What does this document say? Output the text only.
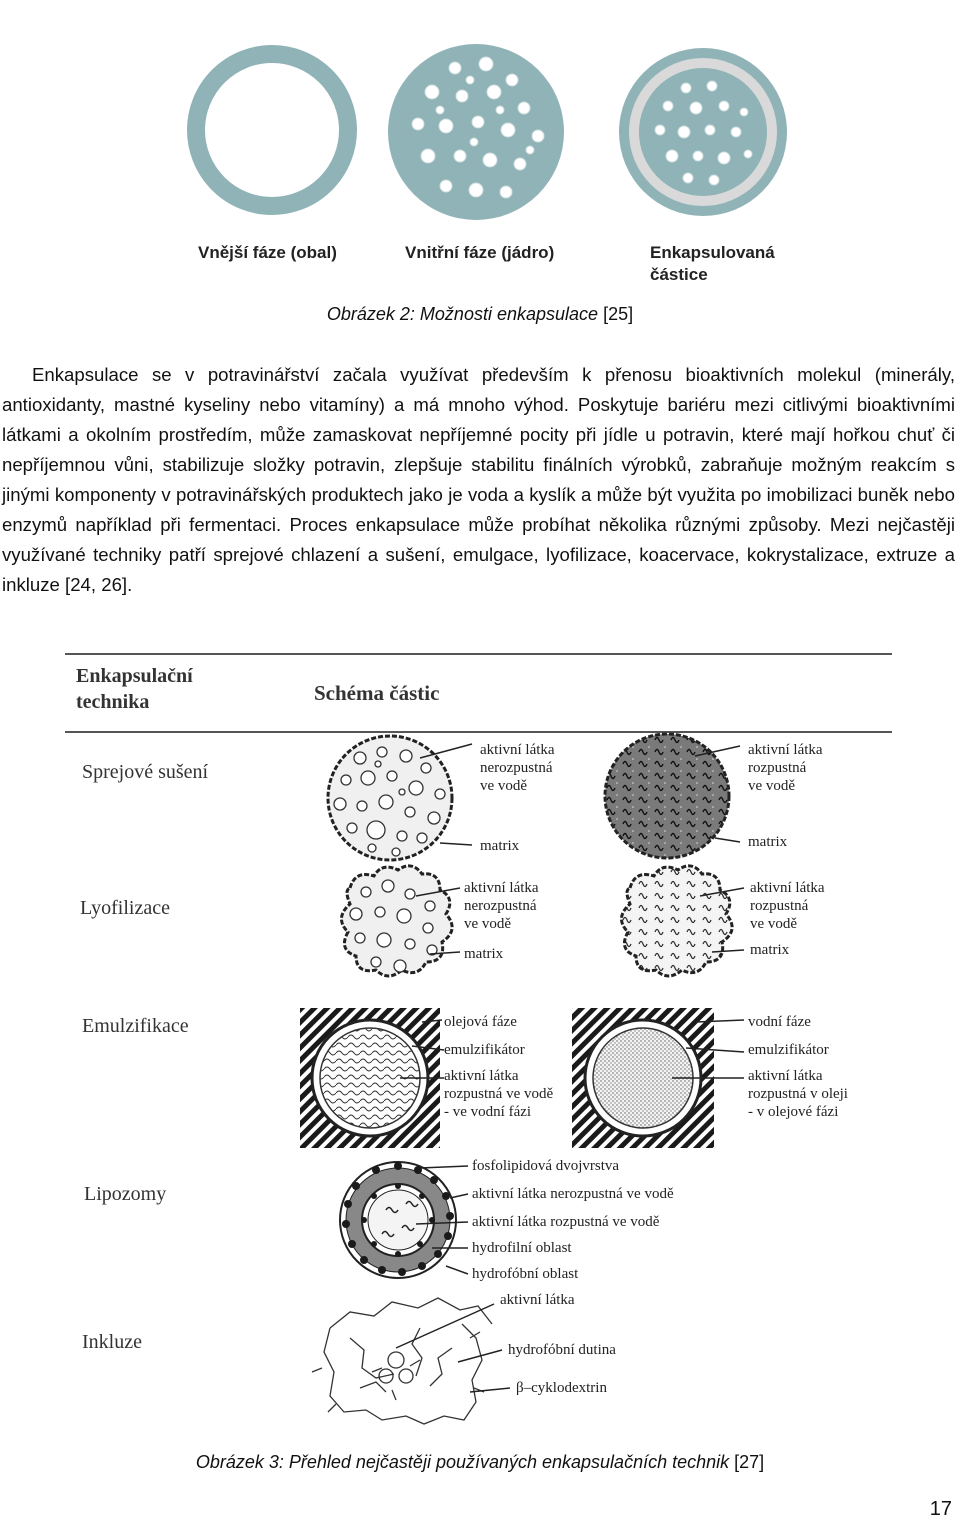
Vnější fáze (obal)	Vnitřní fáze (jádro)	Enkapsulovaná
částice
Obrázek 2: Možnosti enkapsulace [25]

Enkapsulace se v potravinářství začala využívat především k přenosu bioaktivních molekul (minerály, antioxidanty, mastné kyseliny nebo vitamíny) a má mnoho výhod. Poskytuje bariéru mezi citlivými bioaktivními látkami a okolním prostředím, může zamaskovat nepříjemné pocity při jídle u potravin, které mají hořkou chuť či nepříjemnou vůni, stabilizuje složky potravin, zlepšuje stabilitu finálních výrobků, zabraňuje možným reakcím s jinými komponenty v potravinářských produktech jako je voda a kyslík a může být využita po imobilizaci buněk nebo enzymů například při fermentaci. Proces enkapsulace může probíhat několika různými způsoby. Mezi nejčastěji využívané techniky patří sprejové chlazení a sušení, emulgace, lyofilizace, koacervace, kokrystalizace, extruze a inkluze [24, 26].

Enkapsulační
technika	Schéma částic
Sprejové sušení
aktivní látka
nerozpustná
ve vodě
matrix
aktivní látka
rozpustná
ve vodě
matrix
Lyofilizace
aktivní látka
nerozpustná
ve vodě
matrix
aktivní látka
rozpustná
ve vodě
matrix
Emulzifikace	olejová fáze
emulzifikátor
aktivní látka
rozpustná ve vodě
- ve vodní fázi
vodní fáze
emulzifikátor
aktivní látka
rozpustná v oleji
- v olejové fázi
Lipozomy
fosfolipidová dvojvrstva
aktivní látka nerozpustná ve vodě
aktivní látka rozpustná ve vodě
hydrofilní oblast
hydrofóbní oblast
Inkluze
aktivní látka
hydrofóbní dutina
β–cyklodextrin
Obrázek 3: Přehled nejčastěji používaných enkapsulačních technik [27]
17
